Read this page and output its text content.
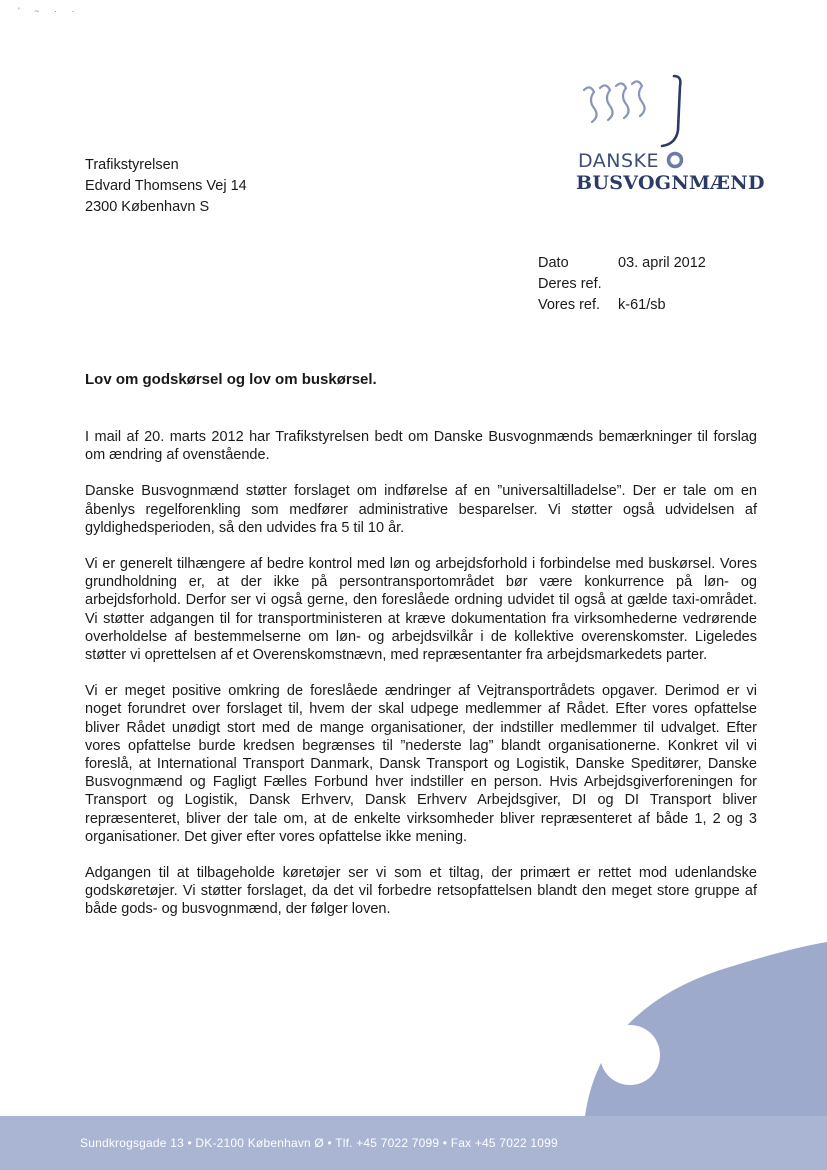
' ~ · ·
Trafikstyrelsen
Edvard Thomsens Vej 14
2300 København S
DANSKE
BUSVOGNMÆND
Dato	03. april 2012
Deres ref.
Vores ref.	k-61/sb
Lov om godskørsel og lov om buskørsel.

I mail af 20. marts 2012 har Trafikstyrelsen bedt om Danske Busvognmænds bemærkninger til forslag om ændring af ovenstående.

Danske Busvognmænd støtter forslaget om indførelse af en ”universaltilladelse”. Der er tale om en åbenlys regelforenkling som medfører administrative besparelser. Vi støtter også udvidelsen af gyldighedsperioden, så den udvides fra 5 til 10 år.

Vi er generelt tilhængere af bedre kontrol med løn og arbejdsforhold i forbindelse med buskørsel. Vores grundholdning er, at der ikke på persontransportområdet bør være konkurrence på løn- og arbejdsforhold. Derfor ser vi også gerne, den foreslåede ordning udvidet til også at gælde taxi-området. Vi støtter adgangen til for transportministeren at kræve dokumentation fra virksomhederne vedrørende overholdelse af bestemmelserne om løn- og arbejdsvilkår i de kollektive overenskomster. Ligeledes støtter vi oprettelsen af et Overenskomstnævn, med repræsentanter fra arbejdsmarkedets parter.

Vi er meget positive omkring de foreslåede ændringer af Vejtransportrådets opgaver. Derimod er vi noget forundret over forslaget til, hvem der skal udpege medlemmer af Rådet. Efter vores opfattelse bliver Rådet unødigt stort med de mange organisationer, der indstiller medlemmer til udvalget. Efter vores opfattelse burde kredsen begrænses til ”nederste lag” blandt organisationerne. Konkret vil vi foreslå, at International Transport Danmark, Dansk Transport og Logistik, Danske Speditører, Danske Busvognmænd og Fagligt Fælles Forbund hver indstiller en person. Hvis Arbejdsgiverforeningen for Transport og Logistik, Dansk Erhverv, Dansk Erhverv Arbejdsgiver, DI og DI Transport bliver repræsenteret, bliver der tale om, at de enkelte virksomheder bliver repræsenteret af både 1, 2 og 3 organisationer. Det giver efter vores opfattelse ikke mening.

Adgangen til at tilbageholde køretøjer ser vi som et tiltag, der primært er rettet mod udenlandske godskøretøjer. Vi støtter forslaget, da det vil forbedre retsopfattelsen blandt den meget store gruppe af både gods- og busvognmænd, der følger loven.

Sundkrogsgade 13 • DK-2100 København Ø • Tlf. +45 7022 7099 • Fax +45 7022 1099
